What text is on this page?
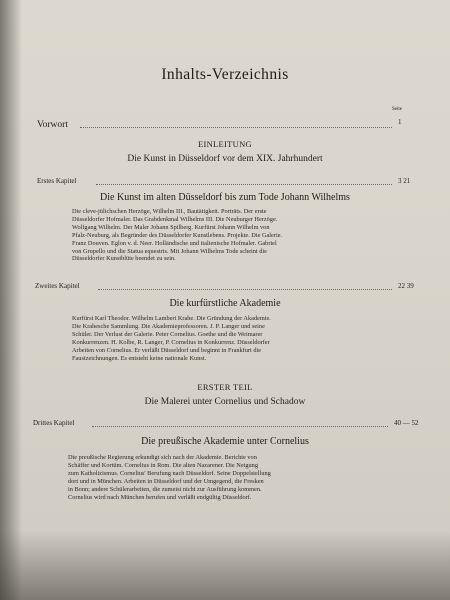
Inhalts-Verzeichnis
Seite
Vorwort	1
EINLEITUNG
Die Kunst in Düsseldorf vor dem XIX. Jahrhundert
Erstes Kapitel	3 21
Die Kunst im alten Düsseldorf bis zum Tode Johann Wilhelms
Die cleve-jülichschen Herzöge, Wilhelm III., Bautätigkeit. Porträts. Der erste
Düsseldorfer Hofmaler. Das Grabdenkmal Wilhelms III. Die Neuburger Herzöge.
Wolfgang Wilhelm. Der Maler Johann Spilberg. Kurfürst Johann Wilhelm von
Pfalz-Neuburg, als Begründer des Düsseldorfer Kunstlebens. Projekte. Die Galerie.
Franz Douven. Eglon v. d. Neer. Holländische und italienische Hofmaler. Gabriel
von Grupello und die Statua equestris. Mit Johann Wilhelms Tode scheint die
Düsseldorfer Kunstblüte beendet zu sein.
Zweites Kapitel	22 39
Die kurfürstliche Akademie
Kurfürst Karl Theodor. Wilhelm Lambert Krahe. Die Gründung der Akademie.
Die Krahesche Sammlung. Die Akademieprofessoren. J. P. Langer und seine
Schüler. Der Verlust der Galerie. Peter Cornelius. Goethe und die Weimarer
Konkurrenzen. H. Kolbe, R. Langer, P. Cornelius in Konkurrenz. Düsseldorfer
Arbeiten von Cornelius. Er verläßt Düsseldorf und beginnt in Frankfurt die
Faustzeichnungen. Es entsteht keine nationale Kunst.
ERSTER TEIL
Die Malerei unter Cornelius und Schadow
Drittes Kapitel	40 — 52
Die preußische Akademie unter Cornelius
Die preußische Regierung erkundigt sich nach der Akademie. Berichte von
Schäffer und Kortüm. Cornelius in Rom. Die alten Nazarener. Die Neigung
zum Katholizismus. Cornelius' Berufung nach Düsseldorf. Seine Doppelstellung
dort und in München. Arbeiten in Düsseldorf und der Umgegend, die Fresken
in Bonn; andere Schülerarbeiten, die zumeist nicht zur Ausführung kommen.
Cornelius wird nach München berufen und verläßt endgültig Düsseldorf.
